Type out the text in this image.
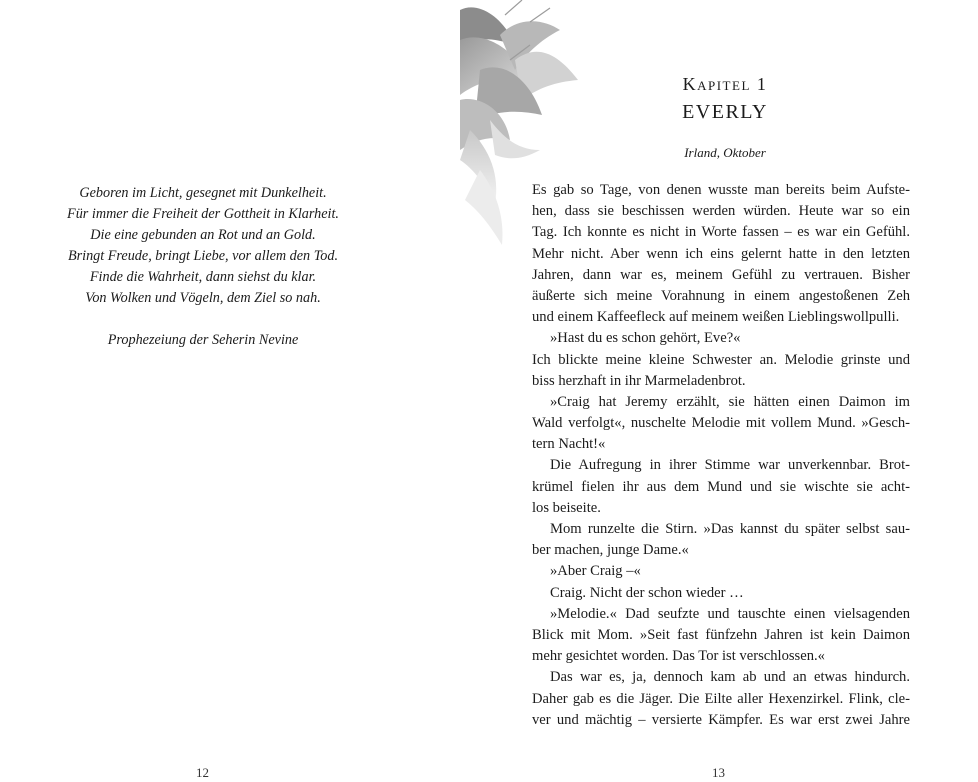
Geboren im Licht, gesegnet mit Dunkelheit.
Für immer die Freiheit der Gottheit in Klarheit.
Die eine gebunden an Rot und an Gold.
Bringt Freude, bringt Liebe, vor allem den Tod.
Finde die Wahrheit, dann siehst du klar.
Von Wolken und Vögeln, dem Ziel so nah.
Prophezeiung der Seherin Nevine
12
Kapitel 1
EVERLY
Irland, Oktober
Es gab so Tage, von denen wusste man bereits beim Aufste-
hen, dass sie beschissen werden würden. Heute war so ein
Tag. Ich konnte es nicht in Worte fassen – es war ein Gefühl.
Mehr nicht. Aber wenn ich eins gelernt hatte in den letzten
Jahren, dann war es, meinem Gefühl zu vertrauen. Bisher
äußerte sich meine Vorahnung in einem angestoßenen Zeh
und einem Kaffeefleck auf meinem weißen Lieblingswollpulli.
»Hast du es schon gehört, Eve?«
Ich blickte meine kleine Schwester an. Melodie grinste und
biss herzhaft in ihr Marmeladenbrot.
»Craig hat Jeremy erzählt, sie hätten einen Daimon im
Wald verfolgt«, nuschelte Melodie mit vollem Mund. »Gesch-
tern Nacht!«
Die Aufregung in ihrer Stimme war unverkennbar. Brot-
krümel fielen ihr aus dem Mund und sie wischte sie acht-
los beiseite.
Mom runzelte die Stirn. »Das kannst du später selbst sau-
ber machen, junge Dame.«
»Aber Craig –«
Craig. Nicht der schon wieder …
»Melodie.« Dad seufzte und tauschte einen vielsagenden
Blick mit Mom. »Seit fast fünfzehn Jahren ist kein Daimon
mehr gesichtet worden. Das Tor ist verschlossen.«
Das war es, ja, dennoch kam ab und an etwas hindurch.
Daher gab es die Jäger. Die Eilte aller Hexenzirkel. Flink, cle-
ver und mächtig – versierte Kämpfer. Es war erst zwei Jahre
13
